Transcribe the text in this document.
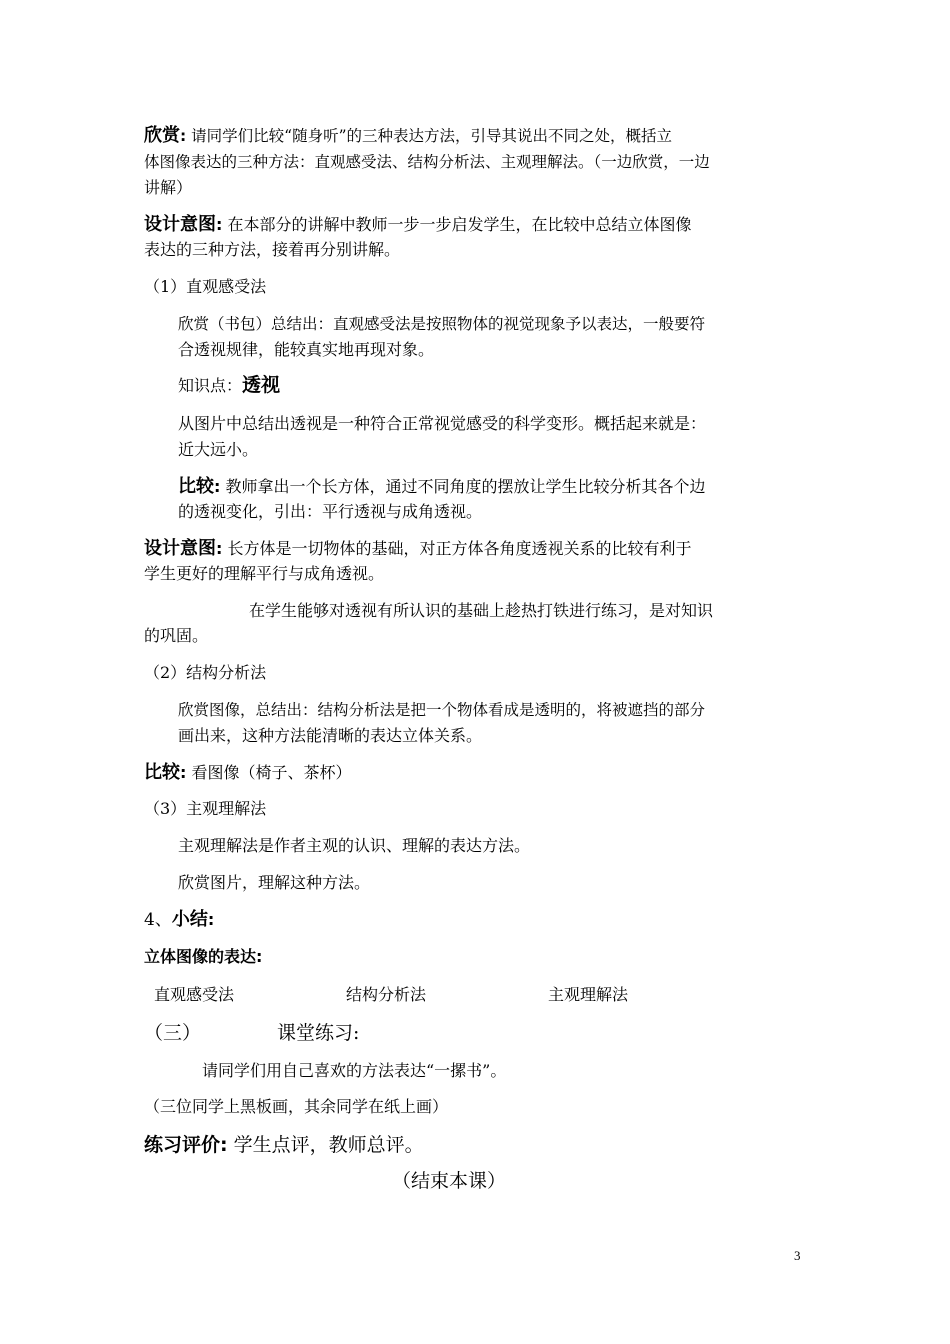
欣赏: 请同学们比较“随身听”的三种表达方法，引导其说出不同之处，概括立

体图像表达的三种方法：直观感受法、结构分析法、主观理解法。（一边欣赏，一边

讲解）

设计意图: 在本部分的讲解中教师一步一步启发学生，在比较中总结立体图像

表达的三种方法，接着再分别讲解。

（1）直观感受法

欣赏（书包）总结出：直观感受法是按照物体的视觉现象予以表达，一般要符

合透视规律，能较真实地再现对象。

知识点：透视

从图片中总结出透视是一种符合正常视觉感受的科学变形。概括起来就是：

近大远小。

比较: 教师拿出一个长方体，通过不同角度的摆放让学生比较分析其各个边

的透视变化，引出：平行透视与成角透视。

设计意图: 长方体是一切物体的基础，对正方体各角度透视关系的比较有利于

学生更好的理解平行与成角透视。

在学生能够对透视有所认识的基础上趁热打铁进行练习，是对知识

的巩固。

（2）结构分析法

欣赏图像，总结出：结构分析法是把一个物体看成是透明的，将被遮挡的部分

画出来，这种方法能清晰的表达立体关系。

比较: 看图像（椅子、茶杯）

（3）主观理解法

主观理解法是作者主观的认识、理解的表达方法。

欣赏图片，理解这种方法。

4、小结:

立体图像的表达:

直观感受法	结构分析法	主观理解法

（三）	课堂练习:

请同学们用自己喜欢的方法表达“一摞书”。

（三位同学上黑板画，其余同学在纸上画）

练习评价: 学生点评，教师总评。

（结束本课）

3
